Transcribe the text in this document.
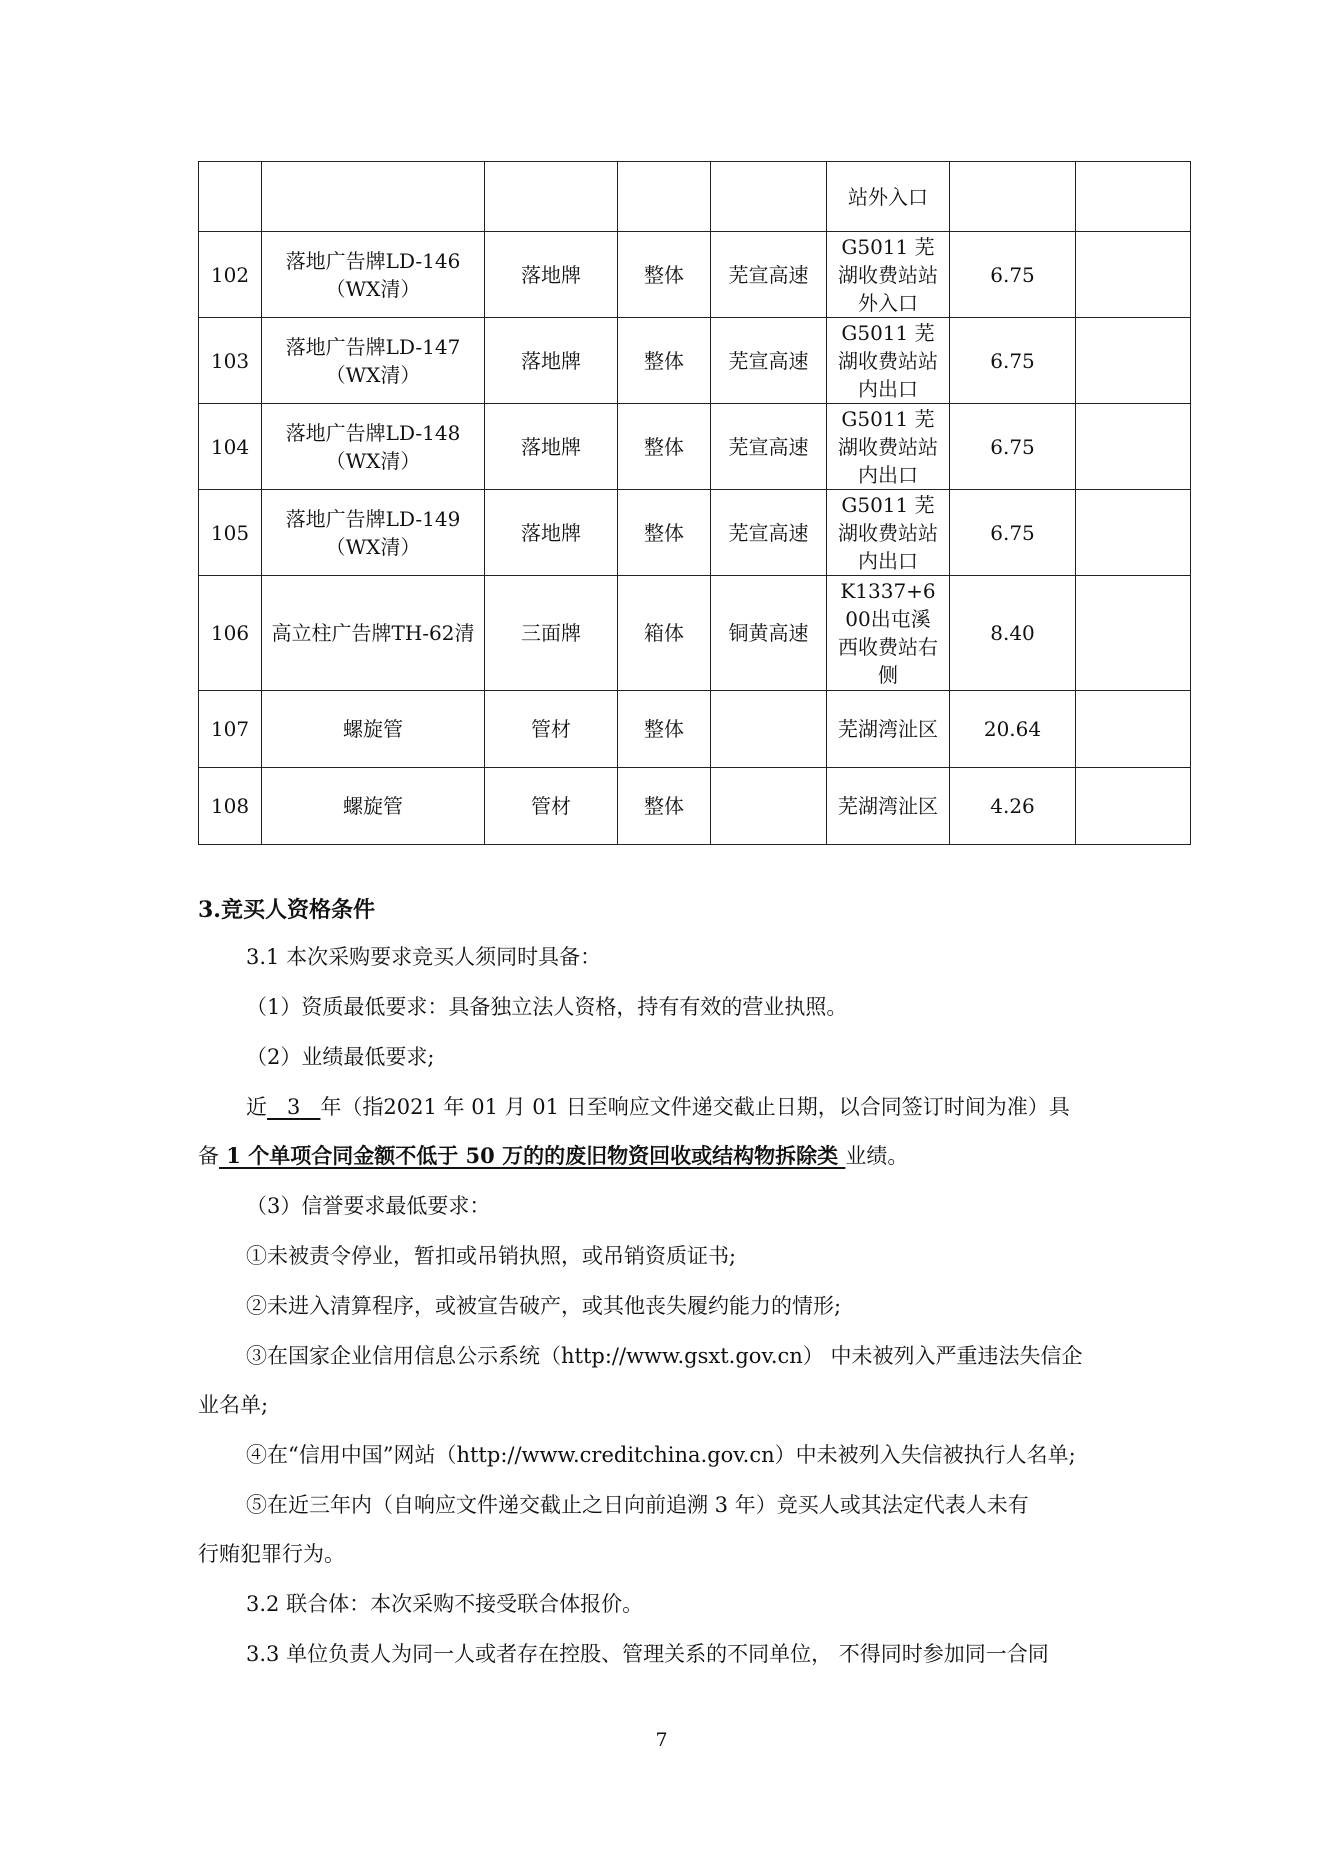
					站外入口		
102	落地广告牌LD-146（WX清）	落地牌	整体	芜宣高速	G5011 芜湖收费站站外入口	6.75	
103	落地广告牌LD-147（WX清）	落地牌	整体	芜宣高速	G5011 芜湖收费站站内出口	6.75	
104	落地广告牌LD-148（WX清）	落地牌	整体	芜宣高速	G5011 芜湖收费站站内出口	6.75	
105	落地广告牌LD-149（WX清）	落地牌	整体	芜宣高速	G5011 芜湖收费站站内出口	6.75	
106	高立柱广告牌TH-62清	三面牌	箱体	铜黄高速	K1337+600出屯溪西收费站右侧	8.40	
107	螺旋管	管材	整体		芜湖湾沚区	20.64	
108	螺旋管	管材	整体		芜湖湾沚区	4.26	
3.竞买人资格条件
3.1 本次采购要求竞买人须同时具备：
（1）资质最低要求：具备独立法人资格，持有有效的营业执照。
（2）业绩最低要求;
近 3 年（指2021 年 01 月 01 日至响应文件递交截止日期，以合同签订时间为准）具
备 1 个单项合同金额不低于 50 万的的废旧物资回收或结构物拆除类 业绩。
（3）信誉要求最低要求：
①未被责令停业，暂扣或吊销执照，或吊销资质证书;
②未进入清算程序，或被宣告破产，或其他丧失履约能力的情形;
③在国家企业信用信息公示系统（http://www.gsxt.gov.cn） 中未被列入严重违法失信企
业名单;
④在“信用中国”网站（http://www.creditchina.gov.cn）中未被列入失信被执行人名单;
⑤在近三年内（自响应文件递交截止之日向前追溯 3 年）竞买人或其法定代表人未有
行贿犯罪行为。
3.2 联合体：本次采购不接受联合体报价。
3.3 单位负责人为同一人或者存在控股、管理关系的不同单位， 不得同时参加同一合同
7
